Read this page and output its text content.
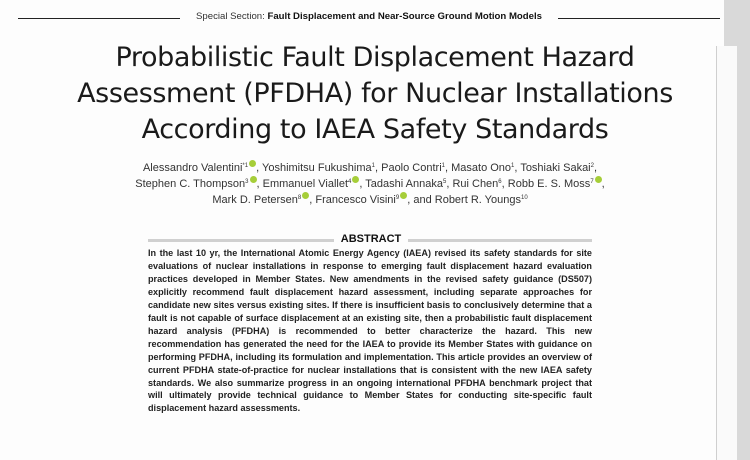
Special Section: Fault Displacement and Near-Source Ground Motion Models
Probabilistic Fault Displacement Hazard
Assessment (PFDHA) for Nuclear Installations
According to IAEA Safety Standards
Alessandro Valentini$^{*1}$ , Yoshimitsu Fukushima$^1$, Paolo Contri$^1$, Masato Ono$^1$, Toshiaki Sakai$^2$, Stephen C. Thompson$^3$ , Emmanuel Viallet$^4$ , Tadashi Annaka$^5$, Rui Chen$^6$, Robb E. S. Moss$^7$ , Mark D. Petersen$^8$ , Francesco Visini$^9$ , and Robert R. Youngs$^{10}$
ABSTRACT
In the last 10 yr, the International Atomic Energy Agency (IAEA) revised its safety standards for site evaluations of nuclear installations in response to emerging fault displacement hazard evaluation practices developed in Member States. New amendments in the revised safety guidance (DS507) explicitly recommend fault displacement hazard assessment, including separate approaches for candidate new sites versus existing sites. If there is insufficient basis to conclusively determine that a fault is not capable of surface displacement at an existing site, then a probabilistic fault displacement hazard analysis (PFDHA) is recommended to better characterize the hazard. This new recommendation has generated the need for the IAEA to provide its Member States with guidance on performing PFDHA, including its formulation and implementation. This article provides an overview of current PFDHA state-of-practice for nuclear installations that is consistent with the new IAEA safety standards. We also summarize progress in an ongoing international PFDHA benchmark project that will ultimately provide technical guidance to Member States for conducting site-specific fault displacement hazard assessments.
